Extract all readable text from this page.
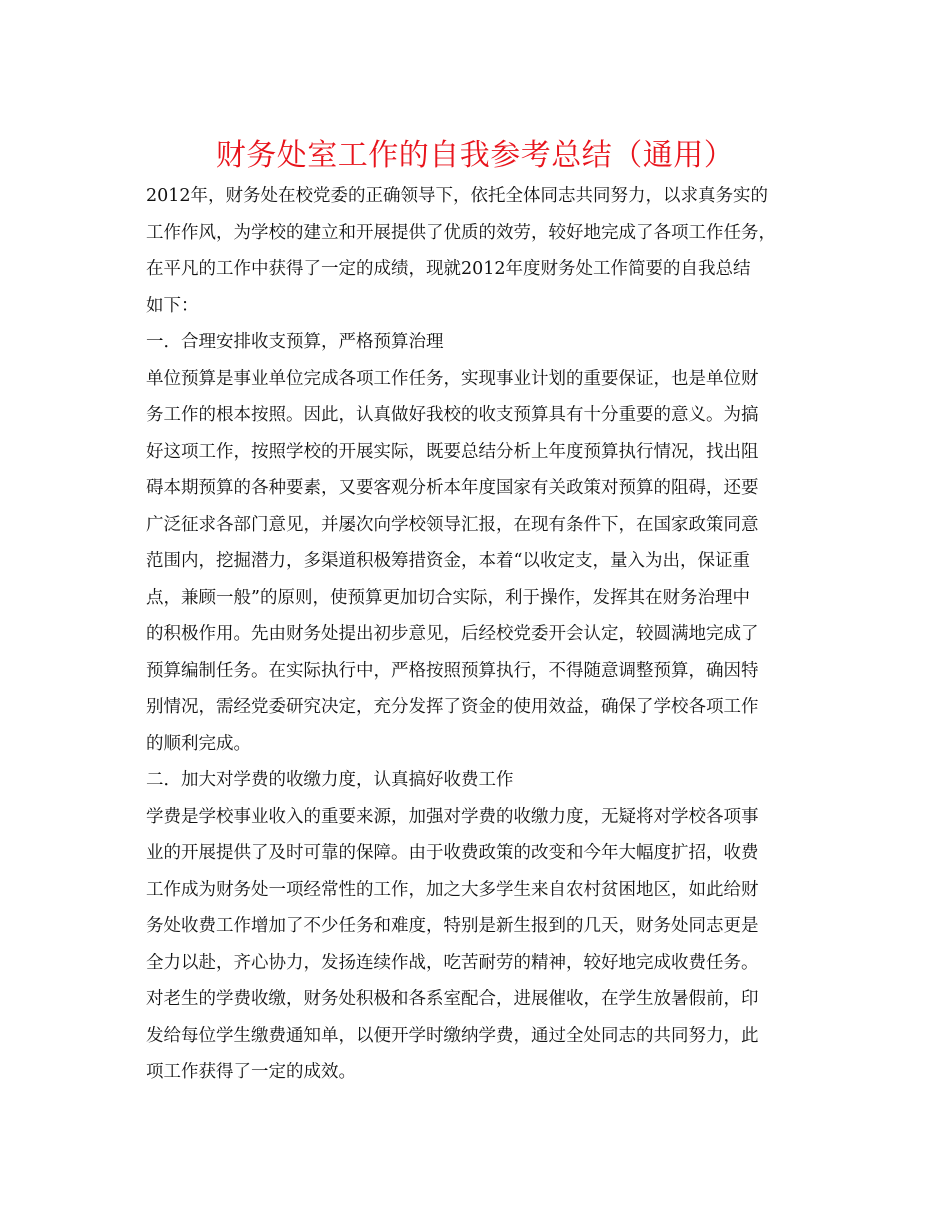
财务处室工作的自我参考总结（通用）
2012年，财务处在校党委的正确领导下，依托全体同志共同努力，以求真务实的
工作作风，为学校的建立和开展提供了优质的效劳，较好地完成了各项工作任务，
在平凡的工作中获得了一定的成绩，现就2012年度财务处工作简要的自我总结
如下：
一．合理安排收支预算，严格预算治理
单位预算是事业单位完成各项工作任务，实现事业计划的重要保证，也是单位财
务工作的根本按照。因此，认真做好我校的收支预算具有十分重要的意义。为搞
好这项工作，按照学校的开展实际，既要总结分析上年度预算执行情况，找出阻
碍本期预算的各种要素，又要客观分析本年度国家有关政策对预算的阻碍，还要
广泛征求各部门意见，并屡次向学校领导汇报，在现有条件下，在国家政策同意
范围内，挖掘潜力，多渠道积极筹措资金，本着“以收定支，量入为出，保证重
点，兼顾一般”的原则，使预算更加切合实际，利于操作，发挥其在财务治理中
的积极作用。先由财务处提出初步意见，后经校党委开会认定，较圆满地完成了
预算编制任务。在实际执行中，严格按照预算执行，不得随意调整预算，确因特
别情况，需经党委研究决定，充分发挥了资金的使用效益，确保了学校各项工作
的顺利完成。
二．加大对学费的收缴力度，认真搞好收费工作
学费是学校事业收入的重要来源，加强对学费的收缴力度，无疑将对学校各项事
业的开展提供了及时可靠的保障。由于收费政策的改变和今年大幅度扩招，收费
工作成为财务处一项经常性的工作，加之大多学生来自农村贫困地区，如此给财
务处收费工作增加了不少任务和难度，特别是新生报到的几天，财务处同志更是
全力以赴，齐心协力，发扬连续作战，吃苦耐劳的精神，较好地完成收费任务。
对老生的学费收缴，财务处积极和各系室配合，进展催收，在学生放暑假前，印
发给每位学生缴费通知单，以便开学时缴纳学费，通过全处同志的共同努力，此
项工作获得了一定的成效。
